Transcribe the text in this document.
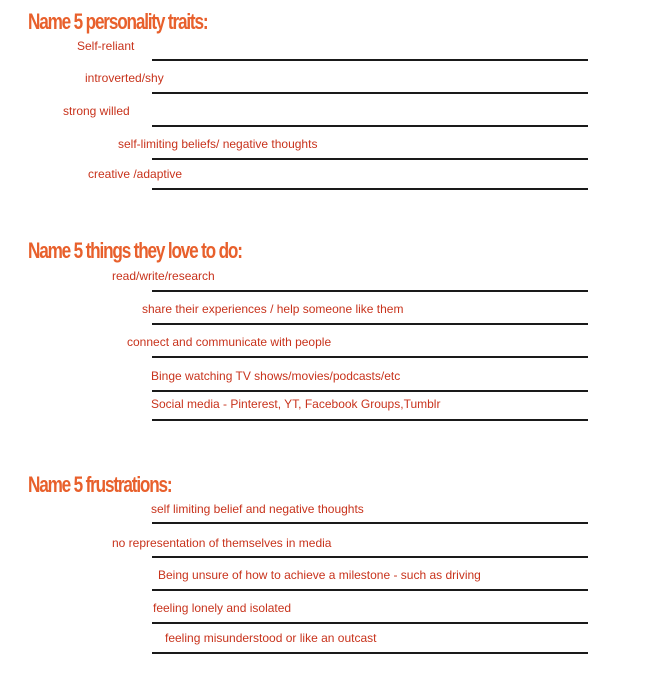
Name 5 personality traits:
Self-reliant
introverted/shy
strong willed
self-limiting beliefs/ negative thoughts
creative /adaptive
Name 5 things they love to do:
read/write/research
share their experiences / help someone like them
connect and communicate with people
Binge watching TV shows/movies/podcasts/etc
Social media - Pinterest, YT, Facebook Groups,Tumblr
Name 5 frustrations:
self limiting belief and negative thoughts
no representation of themselves in media
Being unsure of how to achieve a milestone - such as driving
feeling lonely and isolated
feeling misunderstood or like an outcast
